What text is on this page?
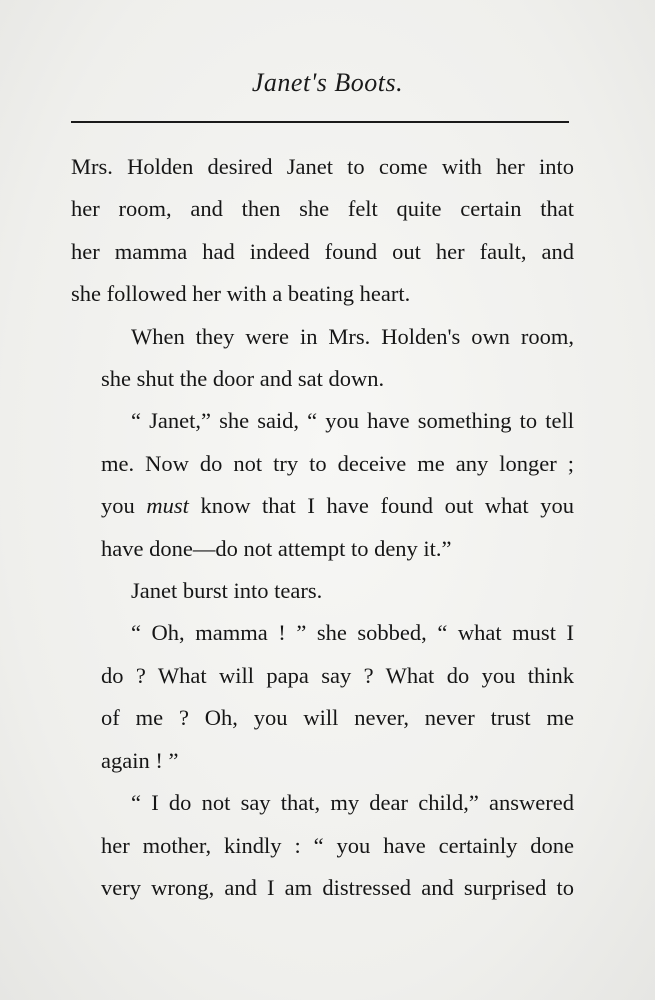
Janet's Boots.
Mrs. Holden desired Janet to come with her into
her room, and then she felt quite certain that
her mamma had indeed found out her fault, and
she followed her with a beating heart.
When they were in Mrs. Holden's own room,
she shut the door and sat down.
“ Janet,” she said, “ you have something to tell
me. Now do not try to deceive me any longer ;
you must know that I have found out what you
have done—do not attempt to deny it.”
Janet burst into tears.
“ Oh, mamma ! ” she sobbed, “ what must I
do ? What will papa say ? What do you think
of me ? Oh, you will never, never trust me
again ! ”
“ I do not say that, my dear child,” answered
her mother, kindly : “ you have certainly done
very wrong, and I am distressed and surprised to
